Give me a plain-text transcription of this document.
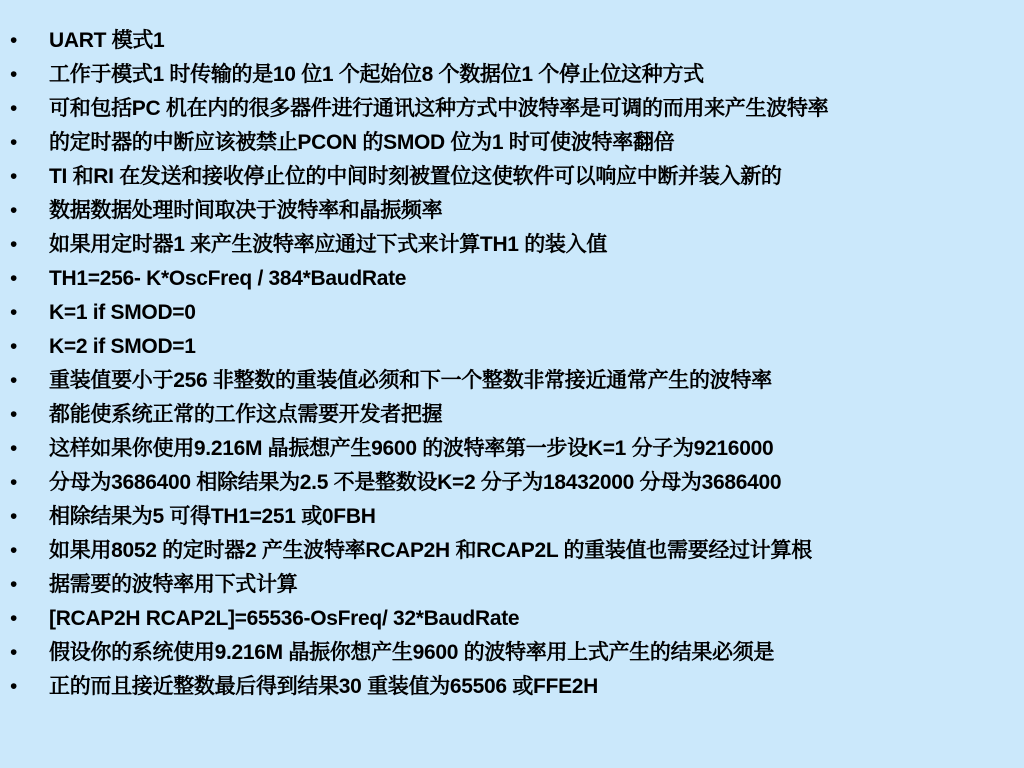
• UART 模式1
• 工作于模式1 时传输的是10 位1 个起始位8 个数据位1 个停止位这种方式
• 可和包括PC 机在内的很多器件进行通讯这种方式中波特率是可调的而用来产生波特率
• 的定时器的中断应该被禁止PCON 的SMOD 位为1 时可使波特率翻倍
• TI 和RI 在发送和接收停止位的中间时刻被置位这使软件可以响应中断并装入新的
• 数据数据处理时间取决于波特率和晶振频率
• 如果用定时器1 来产生波特率应通过下式来计算TH1 的装入值
• TH1=256- K*OscFreq / 384*BaudRate
• K=1 if SMOD=0
• K=2 if SMOD=1
• 重装值要小于256 非整数的重装值必须和下一个整数非常接近通常产生的波特率
• 都能使系统正常的工作这点需要开发者把握
• 这样如果你使用9.216M 晶振想产生9600 的波特率第一步设K=1 分子为9216000
• 分母为3686400 相除结果为2.5 不是整数设K=2 分子为18432000 分母为3686400
• 相除结果为5 可得TH1=251 或0FBH
• 如果用8052 的定时器2 产生波特率RCAP2H 和RCAP2L 的重装值也需要经过计算根
• 据需要的波特率用下式计算
• [RCAP2H RCAP2L]=65536-OsFreq/ 32*BaudRate
• 假设你的系统使用9.216M 晶振你想产生9600 的波特率用上式产生的结果必须是
• 正的而且接近整数最后得到结果30 重装值为65506 或FFE2H
